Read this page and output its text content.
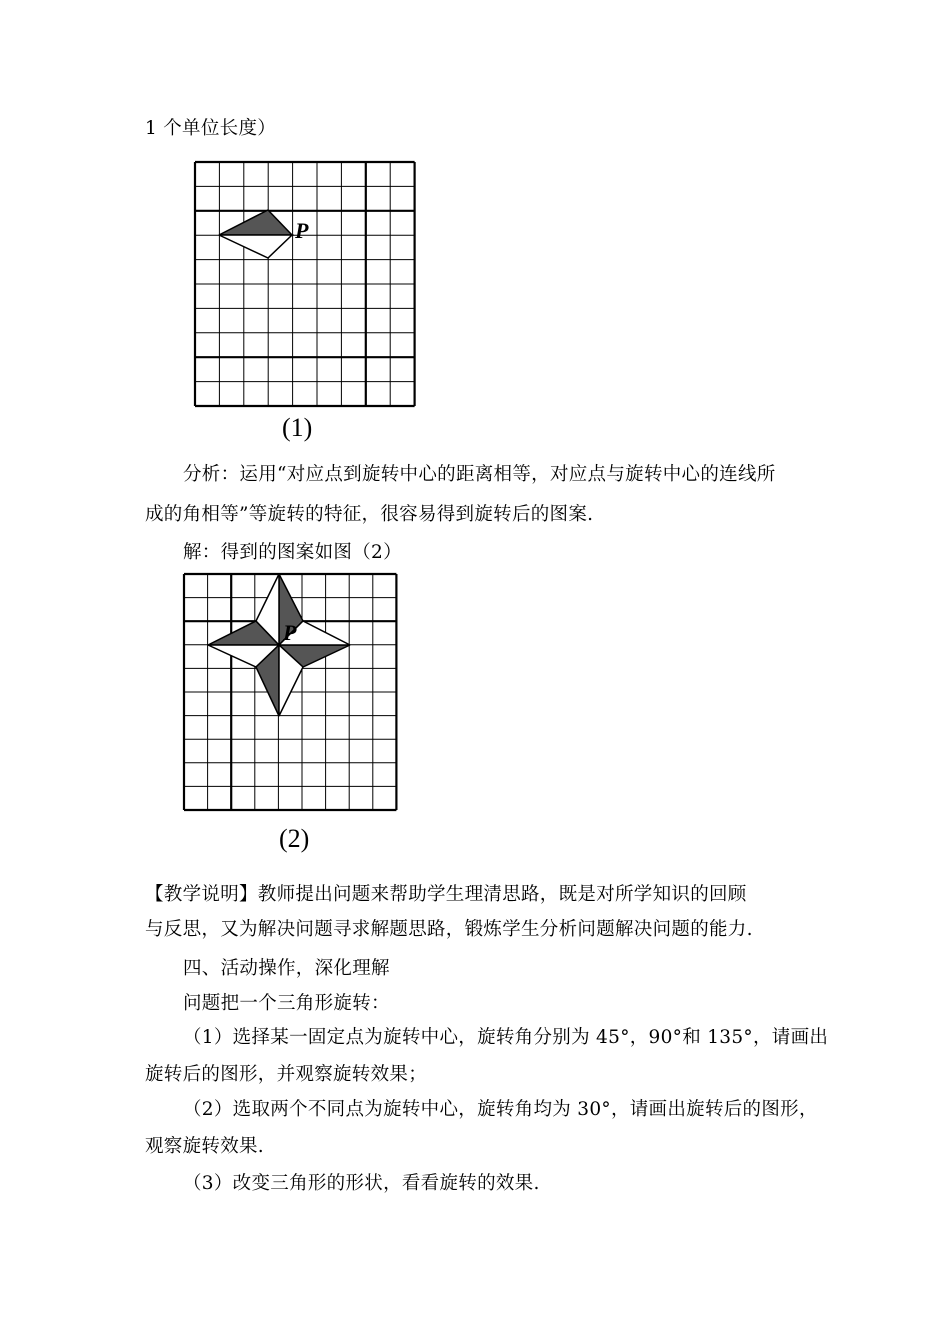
1 个单位长度）
P
(1)
分析：运用“对应点到旋转中心的距离相等，对应点与旋转中心的连线所
成的角相等”等旋转的特征，很容易得到旋转后的图案.
解：得到的图案如图（2）
P
(2)
【教学说明】教师提出问题来帮助学生理清思路，既是对所学知识的回顾
与反思，又为解决问题寻求解题思路，锻炼学生分析问题解决问题的能力.
四、活动操作，深化理解
问题把一个三角形旋转：
（1）选择某一固定点为旋转中心，旋转角分别为 45°，90°和 135°，请画出
旋转后的图形，并观察旋转效果；
（2）选取两个不同点为旋转中心，旋转角均为 30°，请画出旋转后的图形，
观察旋转效果.
（3）改变三角形的形状，看看旋转的效果.
